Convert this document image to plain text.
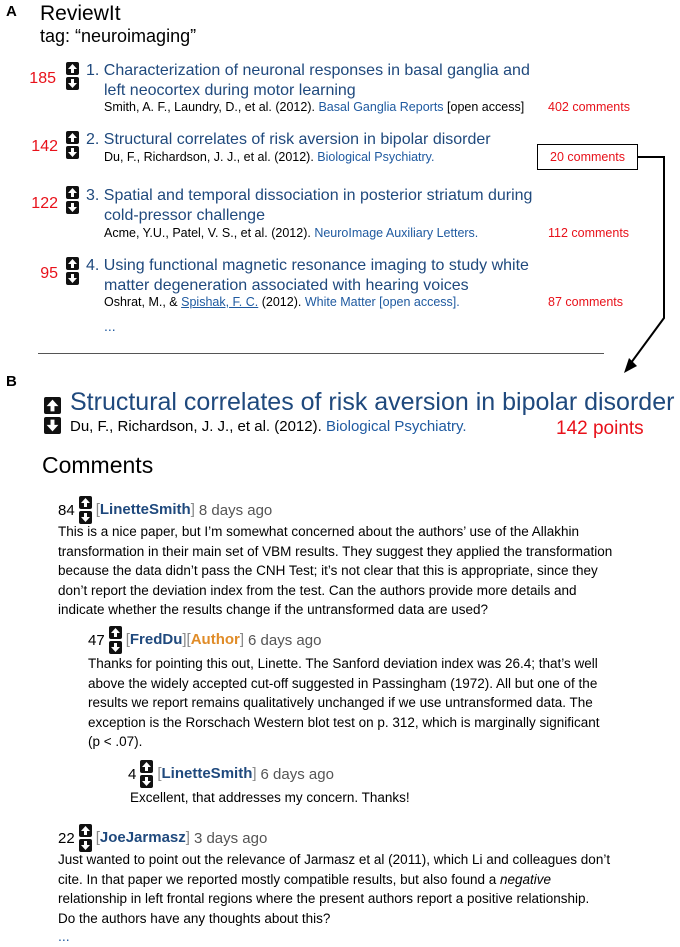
A ReviewIt
tag: “neuroimaging”
185 1. Characterization of neuronal responses in basal ganglia and
left neocortex during motor learning
Smith, A. F., Laundry, D., et al. (2012). Basal Ganglia Reports [open access] 402 comments
142 2. Structural correlates of risk aversion in bipolar disorder
Du, F., Richardson, J. J., et al. (2012). Biological Psychiatry.	20 comments
122 3. Spatial and temporal dissociation in posterior striatum during
cold-pressor challenge
Acme, Y.U., Patel, V. S., et al. (2012). NeuroImage Auxiliary Letters.	112 comments
95 4. Using functional magnetic resonance imaging to study white
matter degeneration associated with hearing voices
Oshrat, M., & Spishak, F. C. (2012). White Matter [open access].	87 comments
...
B
Structural correlates of risk aversion in bipolar disorder
Du, F., Richardson, J. J., et al. (2012). Biological Psychiatry.	142 points
Comments
84 [LinetteSmith] 8 days ago
This is a nice paper, but I’m somewhat concerned about the authors’ use of the Allakhin
transformation in their main set of VBM results. They suggest they applied the transformation
because the data didn’t pass the CNH Test; it’s not clear that this is appropriate, since they
don’t report the deviation index from the test. Can the authors provide more details and
indicate whether the results change if the untransformed data are used?
47 [FredDu][Author] 6 days ago
Thanks for pointing this out, Linette. The Sanford deviation index was 26.4; that’s well
above the widely accepted cut-off suggested in Passingham (1972). All but one of the
results we report remains qualitatively unchanged if we use untransformed data. The
exception is the Rorschach Western blot test on p. 312, which is marginally significant
(p < .07).
4 [LinetteSmith] 6 days ago
Excellent, that addresses my concern. Thanks!
22 [JoeJarmasz] 3 days ago
Just wanted to point out the relevance of Jarmasz et al (2011), which Li and colleagues don’t
cite. In that paper we reported mostly compatible results, but also found a negative
relationship in left frontal regions where the present authors report a positive relationship.
Do the authors have any thoughts about this?
...
